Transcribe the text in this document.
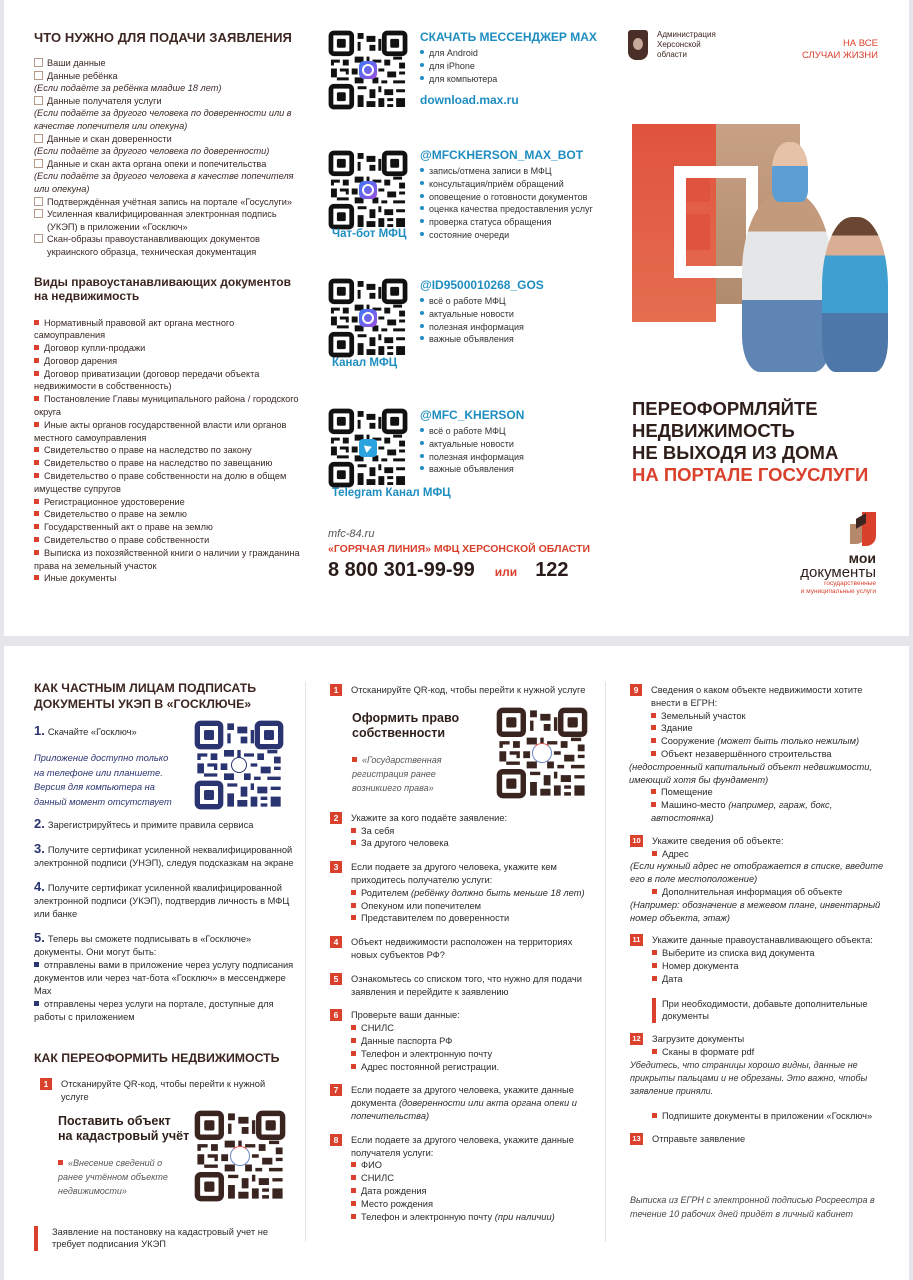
ЧТО НУЖНО ДЛЯ ПОДАЧИ ЗАЯВЛЕНИЯ
Ваши данные
Данные ребёнка
(Если подаёте за ребёнка младше 18 лет)
Данные получателя услуги
(Если подаёте за другого человека по доверенности или в качестве попечителя или опекуна)
Данные и скан доверенности
(Если подаёте за другого человека по доверенности)
Данные и скан акта органа опеки и попечительства
(Если подаёте за другого человека в качестве попечителя или опекуна)
Подтверждённая учётная запись на портале «Госуслуги»
Усиленная квалифицированная электронная подпись (УКЭП) в приложении «Госключ»
Скан-образы правоустанавливающих документов украинского образца, техническая документация
Виды правоустанавливающих документов на недвижимость
Нормативный правовой акт органа местного самоуправления
Договор купли-продажи
Договор дарения
Договор приватизации (договор передачи объекта недвижимости в собственность)
Постановление Главы муниципального района / городского округа
Иные акты органов государственной власти или органов местного самоуправления
Свидетельство о праве на наследство по закону
Свидетельство о праве на наследство по завещанию
Свидетельство о праве собственности на долю в общем имуществе супругов
Регистрационное удостоверение
Свидетельство о праве на землю
Государственный акт о праве на землю
Свидетельство о праве собственности
Выписка из похозяйственной книги о наличии у гражданина права на земельный участок
Иные документы
СКАЧАТЬ МЕССЕНДЖЕР MAX
для Android
для iPhone
для компьютера
download.max.ru
Чат-бот МФЦ
@MFCKHERSON_MAX_BOT
запись/отмена записи в МФЦ
консультация/приём обращений
оповещение о готовности документов
оценка качества предоставления услуг
проверка статуса обращения
состояние очереди
Канал МФЦ
@ID9500010268_GOS
всё о работе МФЦ
актуальные новости
полезная информация
важные объявления
Telegram Канал МФЦ
@MFC_KHERSON
всё о работе МФЦ
актуальные новости
полезная информация
важные объявления
mfc-84.ru
«ГОРЯЧАЯ ЛИНИЯ» МФЦ ХЕРСОНСКОЙ ОБЛАСТИ
8 800 301-99-99 или 122
Администрация
Херсонской
области
НА ВСЕ
СЛУЧАИ ЖИЗНИ
ПЕРЕОФОРМЛЯЙТЕ
НЕДВИЖИМОСТЬ
НЕ ВЫХОДЯ ИЗ ДОМА
НА ПОРТАЛЕ ГОСУСЛУГИ
мои
документы
государственные
и муниципальные услуги
КАК ЧАСТНЫМ ЛИЦАМ ПОДПИСАТЬ
ДОКУМЕНТЫ УКЭП В «ГОСКЛЮЧЕ»
1. Скачайте «Госключ»
Приложение доступно только на телефоне или планшете. Версия для компьютера на данный момент отсутствует
2. Зарегистрируйтесь и примите правила сервиса
3. Получите сертификат усиленной неквалифицированной электронной подписи (УНЭП), следуя подсказкам на экране
4. Получите сертификат усиленной квалифицированной электронной подписи (УКЭП), подтвердив личность в МФЦ или банке
5. Теперь вы сможете подписывать в «Госключе» документы. Они могут быть:
отправлены вами в приложение через услугу подписания документов или через чат-бота «Госключ» в мессенджере Max
отправлены через услуги на портале, доступные для работы с приложением
КАК ПЕРЕОФОРМИТЬ НЕДВИЖИМОСТЬ
1	Отсканируйте QR-код, чтобы перейти к нужной услуге
Поставить объект
на кадастровый учёт
«Внесение сведений о ранее учтённом объекте недвижимости»
Заявление на постановку на кадастровый учет не требует подписания УКЭП
1	Отсканируйте QR-код, чтобы перейти к нужной услуге
Оформить право
собственности
«Государственная регистрация ранее возникшего права»
2	Укажите за кого подаёте заявление:
За себя
За другого человека
3	Если подаете за другого человека, укажите кем приходитесь получателю услуги:
Родителем (ребёнку должно быть меньше 18 лет)
Опекуном или попечителем
Представителем по доверенности
4	Объект недвижимости расположен на территориях новых субъектов РФ?
5	Ознакомьтесь со списком того, что нужно для подачи заявления и перейдите к заявлению
6	Проверьте ваши данные:
СНИЛС
Данные паспорта РФ
Телефон и электронную почту
Адрес постоянной регистрации.
7	Если подаете за другого человека, укажите данные документа (доверенности или акта органа опеки и попечительства)
8	Если подаете за другого человека, укажите данные получателя услуги:
ФИО
СНИЛС
Дата рождения
Место рождения
Телефон и электронную почту (при наличии)
9	Сведения о каком объекте недвижимости хотите внести в ЕГРН:
Земельный участок
Здание
Сооружение (может быть только нежилым)
Объект незавершённого строительства
(недостроенный капитальный объект недвижимости, имеющий хотя бы фундамент)
Помещение
Машино-место (например, гараж, бокс, автостоянка)
10 Укажите сведения об объекте:
Адрес
(Если нужный адрес не отображается в списке, введите его в поле местоположение)
Дополнительная информация об объекте
(Например: обозначение в межевом плане, инвентарный номер объекта, этаж)
11 Укажите данные правоустанавливающего объекта:
Выберите из списка вид документа
Номер документа
Дата
При необходимости, добавьте дополнительные документы
12 Загрузите документы
Сканы в формате pdf
Убедитесь, что страницы хорошо видны, данные не прикрыты пальцами и не обрезаны. Это важно, чтобы заявление приняли.
Подпишите документы в приложении «Госключ»
13 Отправьте заявление
Выписка из ЕГРН с электронной подписью Росреестра в течение 10 рабочих дней придёт в личный кабинет
